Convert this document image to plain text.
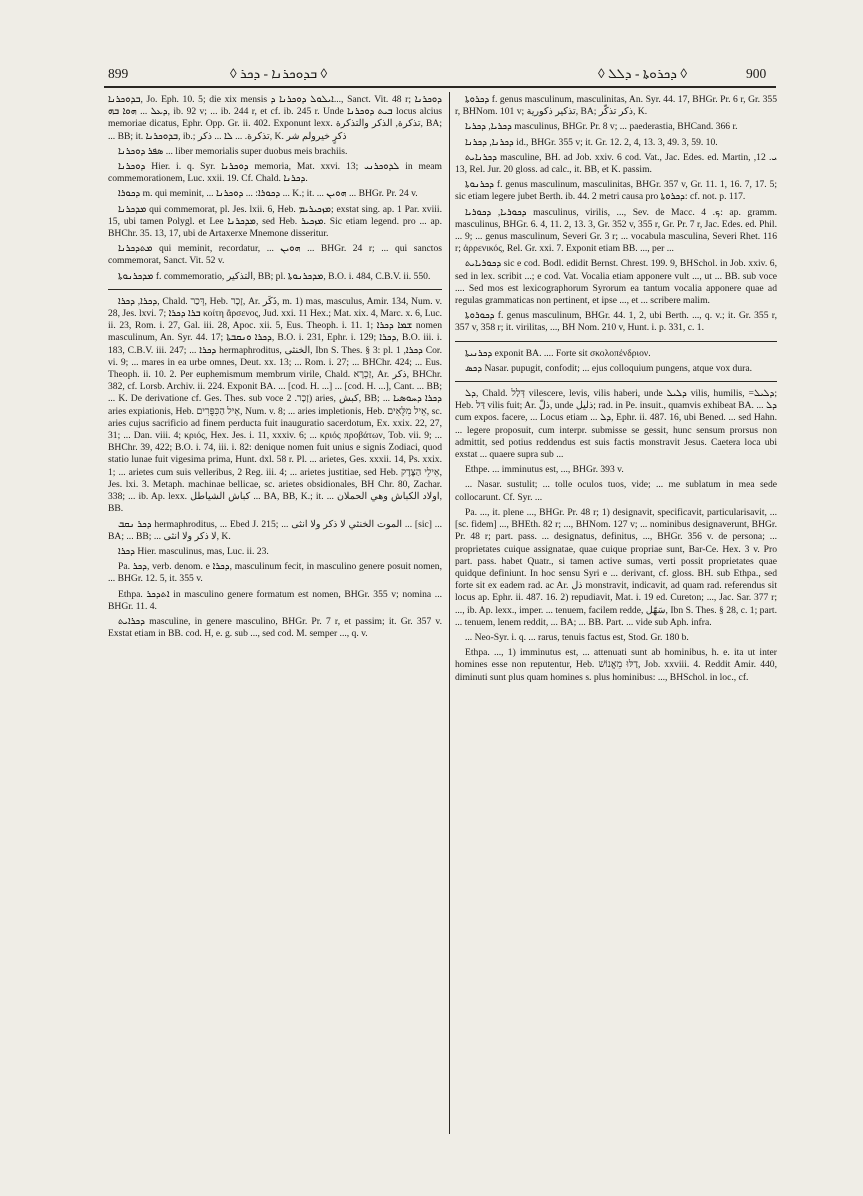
899	◊ ܒܕܘܟܪܢܐ - ܕܟܪ ◊	◊ ܕܟܪܘܬܐ - ܕܠܠ ◊	900

ܒܕܘܟܪܢܐ, Jo. Eph. 10. 5; die xix mensis ܐܝܠܘܠ ܕܘܟܪܢܐ ܕ..., Sanct. Vit. 48 r; ܕܘܟܪܢܐ ܕܥܠ ... ܗܘܐ ܒܗ, ib. 92 v; ... ib. 244 r, et cf. ib. 245 r. Unde ܒܝܬ ܕܘܟܪܢܐ locus alcius memoriae dicatus, Ephr. Opp. Gr. ii. 402. Exponunt lexx. تذكرة, الذكر والتذكرة, BA; ... BB; it. ܒܕܘܟܪܢܐ, ib.; تذكرة. ... ܠܐ ... ذكر, K. ذكرٍ خيرولم شر

ܣܦܪ ܕܘܟܪܢܐ ... liber memorialis super duobus meis brachiis.

ܕܘܟܪܢܐ Hier. i. q. Syr. ܕܘܟܪܢܐ memoria, Mat. xxvi. 13; ܠܕܘܟܪܢܝ in meam commemorationem, Luc. xxii. 19. Cf. Chald. ܕܟܪܢܐ.

ܕܟܘܪܐ m. qui meminit, ... ܕܟܘܪܐ: ... ܕܘܟܪܢܐ ... K.; it. ... ܗܘܝܢ ... BHGr. Pr. 24 v.

ܡܕܟܪܢܐ qui commemorat, pl. Jes. lxii. 6, Heb. ܡܙܟܝܪܝܡ; exstat sing. ap. 1 Par. xviii. 15, ubi tamen Polygl. et Lee ܡܕܟܪܢܐ, sed Heb. ܡܙܟܝܪ. Sic etiam legend. pro ... ap. BHChr. 35. 13, 17, ubi de Artaxerxe Mnemone disseritur.

ܡܬܕܟܪܢܐ qui meminit, recordatur, ... ܗܘܝܢ ... BHGr. 24 r; ... qui sanctos commemorat, Sanct. Vit. 52 v.

ܡܕܟܪܢܘܬܐ f. commemoratio, التذكير, BB; pl. ܡܕܟܪܢܘܬܐ, B.O. i. 484, C.B.V. ii. 550.

ܕܟܪܐ, ܕܟܪܐ, Chald. דְּכַר, Heb. זָכָר, Ar. ذَكَر, m. 1) mas, masculus, Amir. 134, Num. v. 28, Jes. lxvi. 7; ܒܪܐ ܕܟܪܐ κοίτη ἄρσενος, Jud. xxi. 11 Hex.; Mat. xix. 4, Marc. x. 6, Luc. ii. 23, Rom. i. 27, Gal. iii. 28, Apoc. xii. 5, Eus. Theoph. i. 11. 1; ܫܡܐ ܕܟܪܐ nomen masculinum, An. Syr. 44. 17; ܕܟܪܐ ܘܢܩܒܬܐ, B.O. i. 231, Ephr. i. 129; ܕܟܪܐ, B.O. iii. i. 183, C.B.V. iii. 247; ... ܕܟܪܐ hermaphroditus, الخنثى, Ibn S. Thes. § 3: pl. ܕܟܪܐ, 1 Cor. vi. 9; ... mares in ea urbe omnes, Deut. xx. 13; ... Rom. i. 27; ... BHChr. 424; ... Eus. Theoph. ii. 10. 2. Per euphemismum membrum virile, Chald. זַכְרָא, Ar. ذكر, BHChr. 382, cf. Lorsb. Archiv. ii. 224. Exponit BA. ... [cod. H. ...] ... [cod. H. ...], Cant. ... BB; ... K. De derivatione cf. Ges. Thes. sub voce זָכָר. 2) aries, كبش, BB; ... ܕܟܪܐ ܕܚܘܣܝܐ aries expiationis, Heb. אֵיל הַכִּפֻּרִים, Num. v. 8; ... aries impletionis, Heb. אֵיל מִלֻּאִים, sc. aries cujus sacrificio ad finem perducta fuit inauguratio sacerdotum, Ex. xxix. 22, 27, 31; ... Dan. viii. 4; κριός, Hex. Jes. i. 11, xxxiv. 6; ... κριός προβάτων, Tob. vii. 9; ... BHChr. 39, 422; B.O. i. 74, iii. i. 82: denique nomen fuit unius e signis Zodiaci, quod statio lunae fuit vigesima prima, Hunt. dxl. 58 r. Pl. ... arietes, Ges. xxxii. 14, Ps. xxix. 1; ... arietes cum suis velleribus, 2 Reg. iii. 4; ... arietes justitiae, sed Heb. אֵילֵי הַצֶּדֶק, Jes. lxi. 3. Metaph. machinae bellicae, sc. arietes obsidionales, BH Chr. 80, Zachar. 338; ... ib. Ap. lexx. كباش الشياطل ... BA, BB, K.; it. ... اولاد الكباش وهي الحملان, BB.

ܕܟܪ ܢܩܒ hermaphroditus, ... Ebed J. 215; ... الموت الخنثي لا ذكر ولا انثى ... [sic] ... BA; ... BB; ... لا ذكر ولا انثى, K.

ܕܟܪܐ Hier. masculinus, mas, Luc. ii. 23.

Pa. ܕܟܪ, verb. denom. e ܕܟܪܐ, masculinum fecit, in masculino genere posuit nomen, ... BHGr. 12. 5, it. 355 v.

Ethpa. ܐܬܕܟܪ in masculino genere formatum est nomen, BHGr. 355 v; nomina ... BHGr. 11. 4.

ܕܟܪܐܝܬ masculine, in genere masculino, BHGr. Pr. 7 r, et passim; it. Gr. 357 v. Exstat etiam in BB. cod. H, e. g. sub ..., sed cod. M. semper ..., q. v.

ܕܟܪܘܬܐ f. genus masculinum, masculinitas, An. Syr. 44. 17, BHGr. Pr. 6 r, Gr. 355 r, BHNom. 101 v; تذكير ذكورية, BA; ذكر تذكّر, K.

ܕܟܪܝܐ, ܕܟܪܝܐ masculinus, BHGr. Pr. 8 v; ... paederastia, BHCand. 366 r.

ܕܟܪܢܐ, ܕܟܪܢܐ id., BHGr. 355 v; it. Gr. 12. 2, 4, 13. 3, 49. 3, 59. 10.

ܕܟܪܢܐܝܬ masculine, BH. ad Job. xxiv. 6 cod. Vat., Jac. Edes. ed. Martin, ܝ. 12, 13, Rel. Jur. 20 gloss. ad calc., it. BB, et K. passim.

ܕܟܪܢܘܬܐ f. genus masculinum, masculinitas, BHGr. 357 v, Gr. 11. 1, 16. 7, 17. 5; sic etiam legere jubet Berth. ib. 44. 2 metri causa pro ܕܟܪܘܬܐ: cf. not. p. 117.

ܕܟܘܪܝܐ, ܕܟܘܪܝܐ masculinus, virilis, ..., Sev. de Macc. ܟ. 4: ap. gramm. masculinus, BHGr. 6. 4, 11. 2, 13. 3, Gr. 352 v, 355 r, Gr. Pr. 7 r, Jac. Edes. ed. Phil. ... 9; ... genus masculinum, Severi Gr. 3 r; ... vocabula masculina, Severi Rhet. 116 r; ἀρρενικός, Rel. Gr. xxi. 7. Exponit etiam BB. ..., per ...

ܕܟܘܪܝܐܝܬ sic e cod. Bodl. edidit Bernst. Chrest. 199. 9, BHSchol. in Job. xxiv. 6, sed in lex. scribit ...; e cod. Vat. Vocalia etiam apponere vult ..., ut ... BB. sub voce .... Sed mos est lexicographorum Syrorum ea tantum vocalia apponere quae ad regulas grammaticas non pertinent, et ipse ..., et ... scribere malim.

ܕܟܘܪܘܬܐ f. genus masculinum, BHGr. 44. 1, 2, ubi Berth. ..., q. v.; it. Gr. 355 r, 357 v, 358 r; it. virilitas, ..., BH Nom. 210 v, Hunt. i. p. 331, c. 1.

ܕܟܪܢܝܬܐ exponit BA. .... Forte sit σκολοπένδριον.

ܕܟܣ Nasar. pupugit, confodit; ... ejus colloquium pungens, atque vox dura.

ܕܠ, Chald. דְּלַל vilescere, levis, vilis haberi, unde ܕܠܝܠ vilis, humilis, =ܕܠܝܠ; Heb. דַּל vilis fuit; Ar. ذلّ, unde ذليل; rad. in Pe. insuit., quamvis exhibeat BA. ... ܕܠ cum expos. facere, ... Locus etiam ... ܕܠ, Ephr. ii. 487. 16, ubi Bened. ... sed Hahn. ... legere proposuit, cum interpr. submisse se gessit, hunc sensum prorsus non admittit, sed potius reddendus est suis factis monstravit Jesus. Caetera loca ubi exstat ... quaere supra sub ...

Ethpe. ... imminutus est, ..., BHGr. 393 v.

... Nasar. sustulit; ... tolle oculos tuos, vide; ... me sublatum in mea sede collocarunt. Cf. Syr. ...

Pa. ..., it. plene ..., BHGr. Pr. 48 r; 1) designavit, specificavit, particularisavit, ... [sc. fidem] ..., BHEth. 82 r; ..., BHNom. 127 v; ... nominibus designaverunt, BHGr. Pr. 48 r; part. pass. ... designatus, definitus, ..., BHGr. 356 v. de persona; ... proprietates cuique assignatae, quae cuique propriae sunt, Bar-Ce. Hex. 3 v. Pro part. pass. habet Quatr., si tamen active sumas, verti possit proprietates quae quidque definiunt. In hoc sensu Syri e ... derivant, cf. gloss. BH. sub Ethpa., sed forte sit ex eadem rad. ac Ar. ذل monstravit, indicavit, ad quam rad. referendus sit locus ap. Ephr. ii. 487. 16. 2) repudiavit, Mat. i. 19 ed. Cureton; ..., Jac. Sar. 377 r; ..., ib. Ap. lexx., imper. ... tenuem, facilem redde, سَهّل, Ibn S. Thes. § 28, c. 1; part. ... tenuem, lenem reddit, ... BA; ... BB. Part. ... vide sub Aph. infra.

... Neo-Syr. i. q. ... rarus, tenuis factus est, Stod. Gr. 180 b.

Ethpa. ..., 1) imminutus est, ... attenuati sunt ab hominibus, h. e. ita ut inter homines esse non reputentur, Heb. דַלּוּ מֵאֱנוֹשׁ, Job. xxviii. 4. Reddit Amir. 440, diminuti sunt plus quam homines s. plus hominibus: ..., BHSchol. in loc., cf.
